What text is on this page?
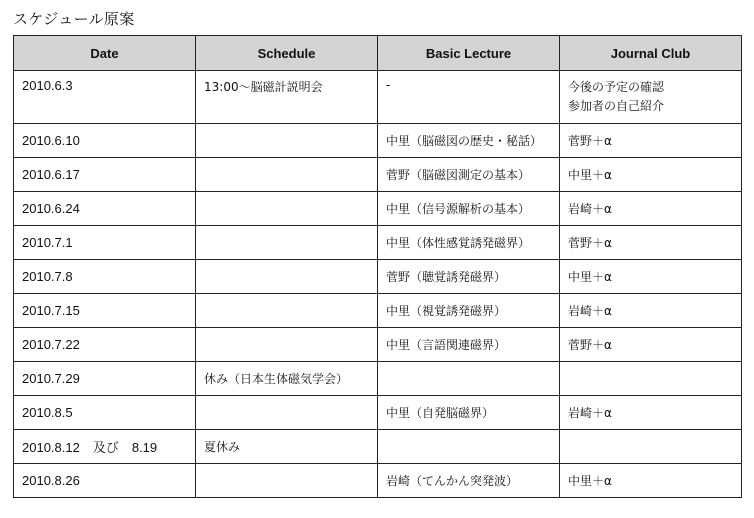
スケジュール原案
Date	Schedule	Basic Lecture	Journal Club
2010.6.3	13:00〜脳磁計説明会	-	今後の予定の確認
参加者の自己紹介

2010.6.10		中里（脳磁図の歴史・秘話）	菅野＋α
2010.6.17		菅野（脳磁図測定の基本）	中里＋α
2010.6.24		中里（信号源解析の基本）	岩崎＋α
2010.7.1		中里（体性感覚誘発磁界）	菅野＋α
2010.7.8		菅野（聴覚誘発磁界）	中里＋α
2010.7.15		中里（視覚誘発磁界）	岩崎＋α
2010.7.22		中里（言語関連磁界）	菅野＋α
2010.7.29	休み（日本生体磁気学会）		
2010.8.5		中里（自発脳磁界）	岩崎＋α
2010.8.12　及び　8.19	夏休み		
2010.8.26		岩崎（てんかん突発波）	中里＋α
